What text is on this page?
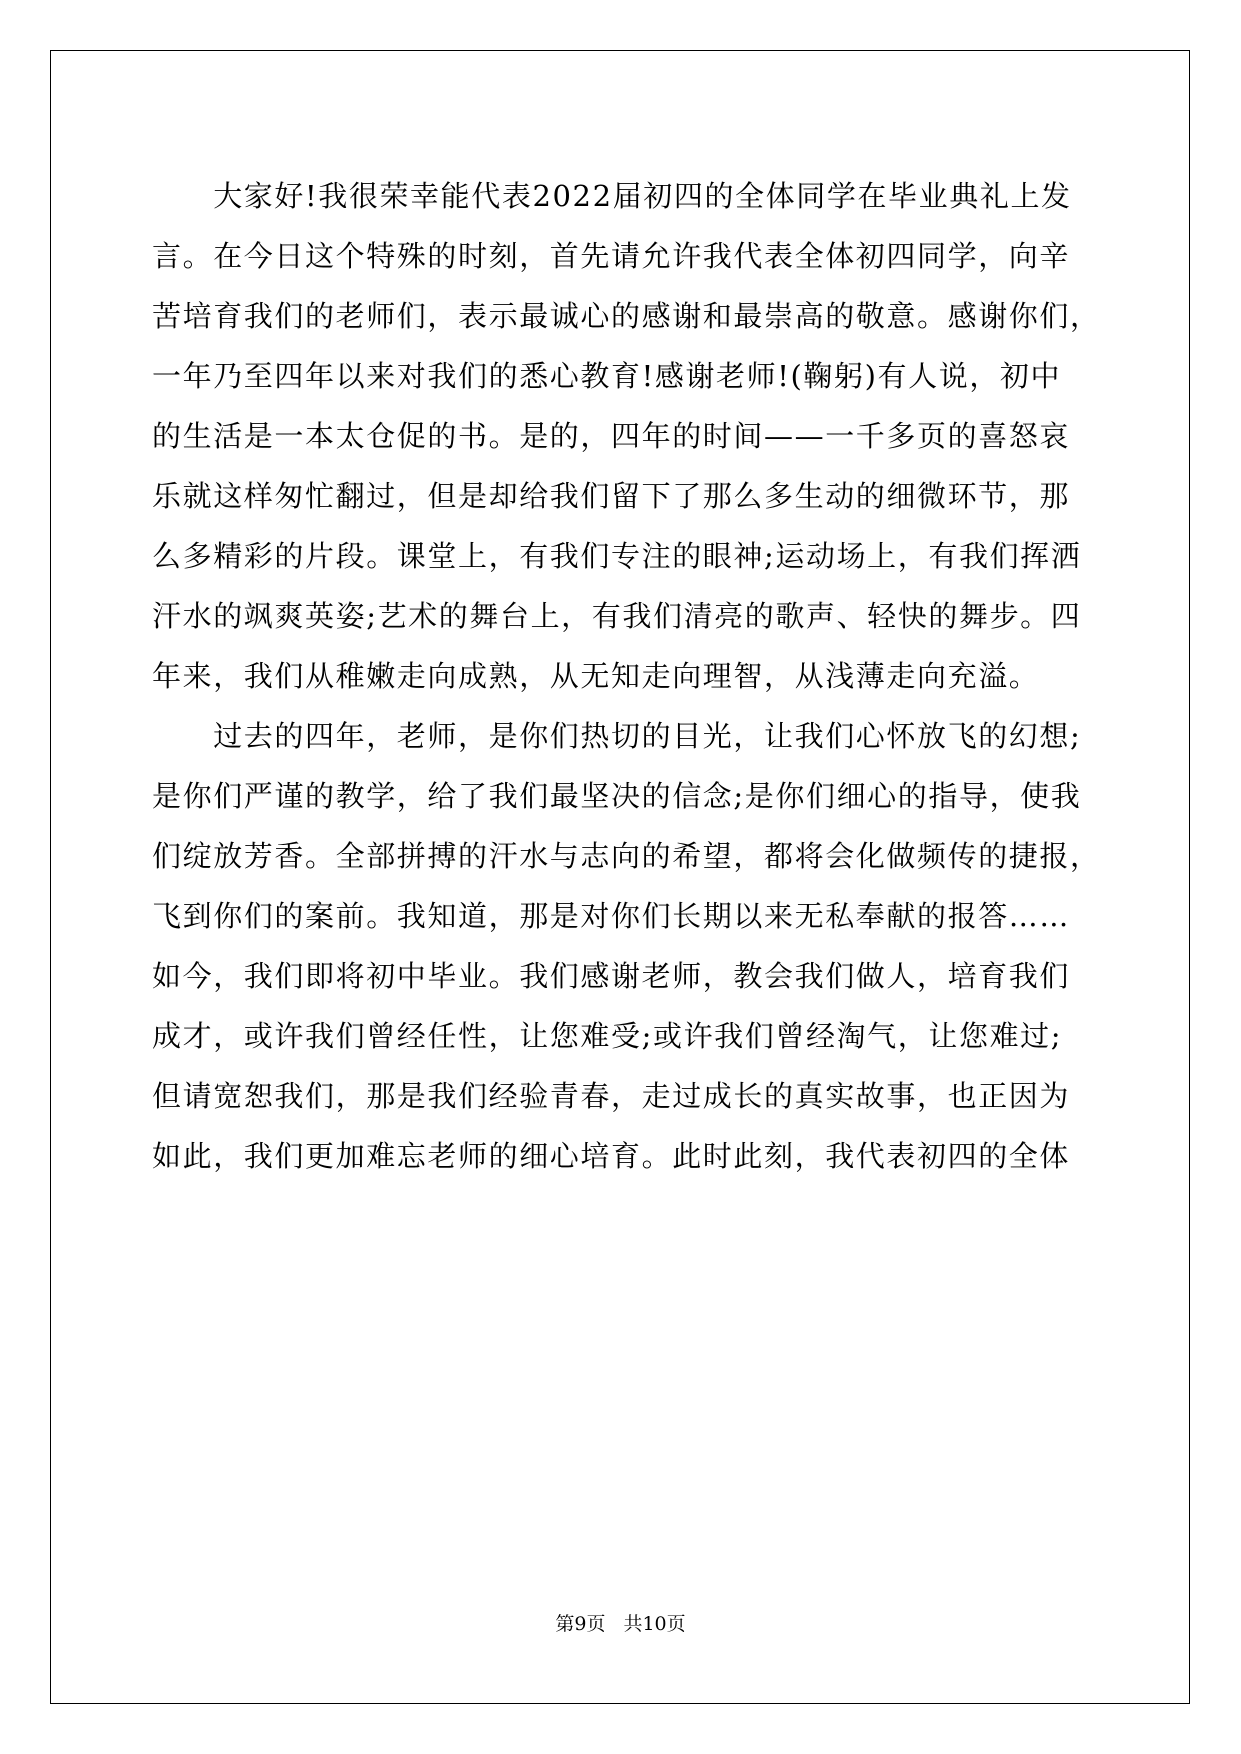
　　大家好!我很荣幸能代表2022届初四的全体同学在毕业典礼上发
言。在今日这个特殊的时刻，首先请允许我代表全体初四同学，向辛
苦培育我们的老师们，表示最诚心的感谢和最崇高的敬意。感谢你们，
一年乃至四年以来对我们的悉心教育!感谢老师!(鞠躬)有人说，初中
的生活是一本太仓促的书。是的，四年的时间——一千多页的喜怒哀
乐就这样匆忙翻过，但是却给我们留下了那么多生动的细微环节，那
么多精彩的片段。课堂上，有我们专注的眼神;运动场上，有我们挥洒
汗水的飒爽英姿;艺术的舞台上，有我们清亮的歌声、轻快的舞步。四
年来，我们从稚嫩走向成熟，从无知走向理智，从浅薄走向充溢。
　　过去的四年，老师，是你们热切的目光，让我们心怀放飞的幻想;
是你们严谨的教学，给了我们最坚决的信念;是你们细心的指导，使我
们绽放芳香。全部拼搏的汗水与志向的希望，都将会化做频传的捷报，
飞到你们的案前。我知道，那是对你们长期以来无私奉献的报答……
如今，我们即将初中毕业。我们感谢老师，教会我们做人，培育我们
成才，或许我们曾经任性，让您难受;或许我们曾经淘气，让您难过;
但请宽恕我们，那是我们经验青春，走过成长的真实故事，也正因为
如此，我们更加难忘老师的细心培育。此时此刻，我代表初四的全体
第9页 共10页
